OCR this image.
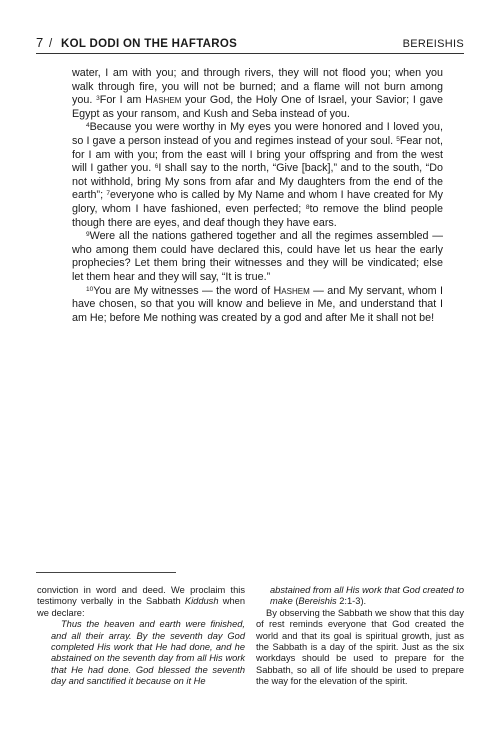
7 / KOL DODI ON THE HAFTAROS	BEREISHIS

water, I am with you; and through rivers, they will not flood you; when you walk through fire, you will not be burned; and a flame will not burn among you. $^3$For I am Hashem your God, the Holy One of Israel, your Savior; I gave Egypt as your ransom, and Kush and Seba instead of you.

$^4$Because you were worthy in My eyes you were honored and I loved you, so I gave a person instead of you and regimes instead of your soul. $^5$Fear not, for I am with you; from the east will I bring your offspring and from the west will I gather you. $^6$I shall say to the north, “Give [back],” and to the south, “Do not withhold, bring My sons from afar and My daughters from the end of the earth”; $^7$everyone who is called by My Name and whom I have created for My glory, whom I have fashioned, even perfected; $^8$to remove the blind people though there are eyes, and deaf though they have ears.

$^9$Were all the nations gathered together and all the regimes assembled — who among them could have declared this, could have let us hear the early prophecies? Let them bring their witnesses and they will be vindicated; else let them hear and they will say, “It is true.”

$^{10}$You are My witnesses — the word of Hashem — and My servant, whom I have chosen, so that you will know and believe in Me, and understand that I am He; before Me nothing was created by a god and after Me it shall not be!

conviction in word and deed. We proclaim this testimony verbally in the Sabbath Kiddush when we declare:

Thus the heaven and earth were finished, and all their array. By the seventh day God completed His work that He had done, and he abstained on the seventh day from all His work that He had done. God blessed the seventh day and sanctified it because on it He

abstained from all His work that God created to make (Bereishis 2:1-3).

By observing the Sabbath we show that this day of rest reminds everyone that God created the world and that its goal is spiritual growth, just as the Sabbath is a day of the spirit. Just as the six workdays should be used to prepare for the Sabbath, so all of life should be used to prepare the way for the elevation of the spirit.
